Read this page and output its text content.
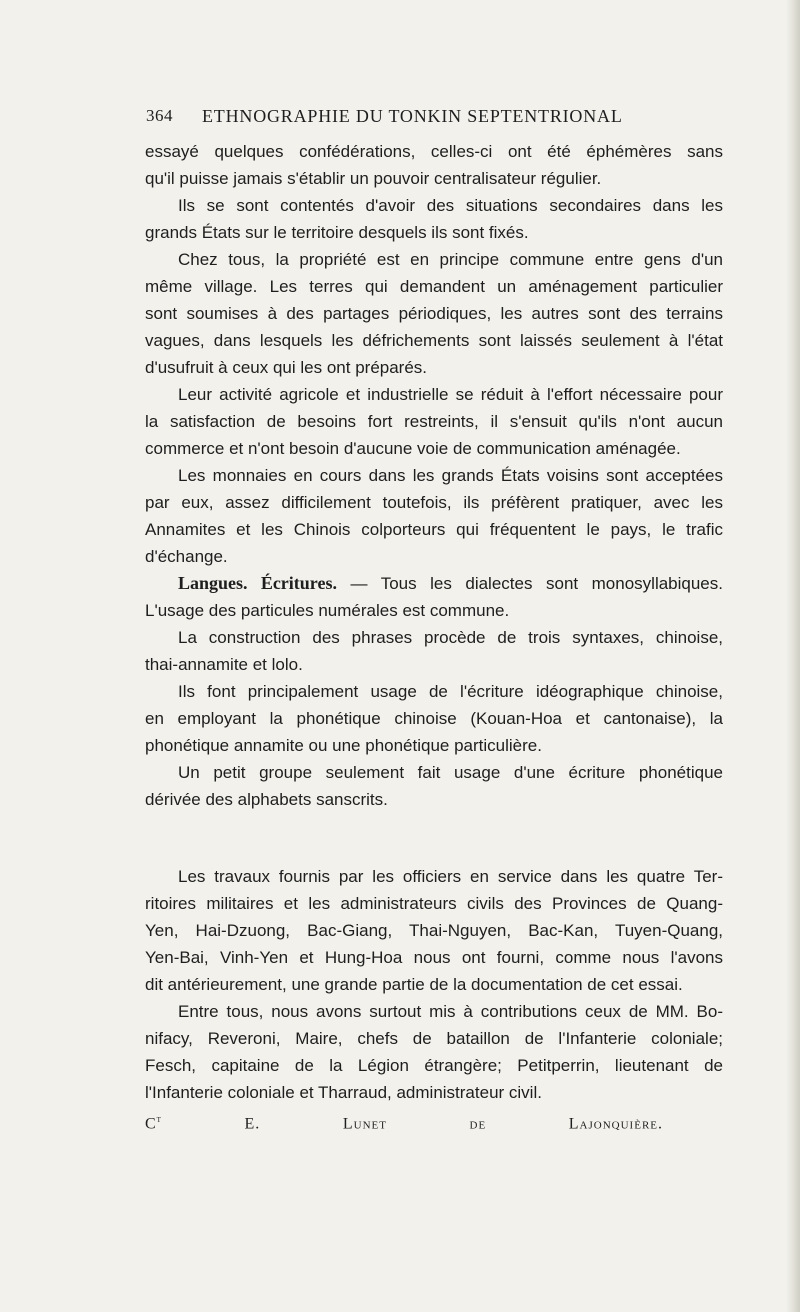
364 ETHNOGRAPHIE DU TONKIN SEPTENTRIONAL

essayé quelques confédérations, celles-ci ont été éphémères sans

qu'il puisse jamais s'établir un pouvoir centralisateur régulier.

Ils se sont contentés d'avoir des situations secondaires dans les

grands États sur le territoire desquels ils sont fixés.

Chez tous, la propriété est en principe commune entre gens d'un

même village. Les terres qui demandent un aménagement particulier

sont soumises à des partages périodiques, les autres sont des terrains

vagues, dans lesquels les défrichements sont laissés seulement à l'état

d'usufruit à ceux qui les ont préparés.

Leur activité agricole et industrielle se réduit à l'effort nécessaire pour

la satisfaction de besoins fort restreints, il s'ensuit qu'ils n'ont aucun

commerce et n'ont besoin d'aucune voie de communication aménagée.

Les monnaies en cours dans les grands États voisins sont acceptées

par eux, assez difficilement toutefois, ils préfèrent pratiquer, avec les

Annamites et les Chinois colporteurs qui fréquentent le pays, le trafic

d'échange.

Langues. Écritures. — Tous les dialectes sont monosyllabiques.

L'usage des particules numérales est commune.

La construction des phrases procède de trois syntaxes, chinoise,

thai-annamite et lolo.

Ils font principalement usage de l'écriture idéographique chinoise,

en employant la phonétique chinoise (Kouan-Hoa et cantonaise), la

phonétique annamite ou une phonétique particulière.

Un petit groupe seulement fait usage d'une écriture phonétique

dérivée des alphabets sanscrits.

Les travaux fournis par les officiers en service dans les quatre Ter-

ritoires militaires et les administrateurs civils des Provinces de Quang-

Yen, Hai-Dzuong, Bac-Giang, Thai-Nguyen, Bac-Kan, Tuyen-Quang,

Yen-Bai, Vinh-Yen et Hung-Hoa nous ont fourni, comme nous l'avons

dit antérieurement, une grande partie de la documentation de cet essai.

Entre tous, nous avons surtout mis à contributions ceux de MM. Bo-

nifacy, Reveroni, Maire, chefs de bataillon de l'Infanterie coloniale;

Fesch, capitaine de la Légion étrangère; Petitperrin, lieutenant de

l'Infanterie coloniale et Tharraud, administrateur civil.

$C^t$ E. Lunet de Lajonquière.
